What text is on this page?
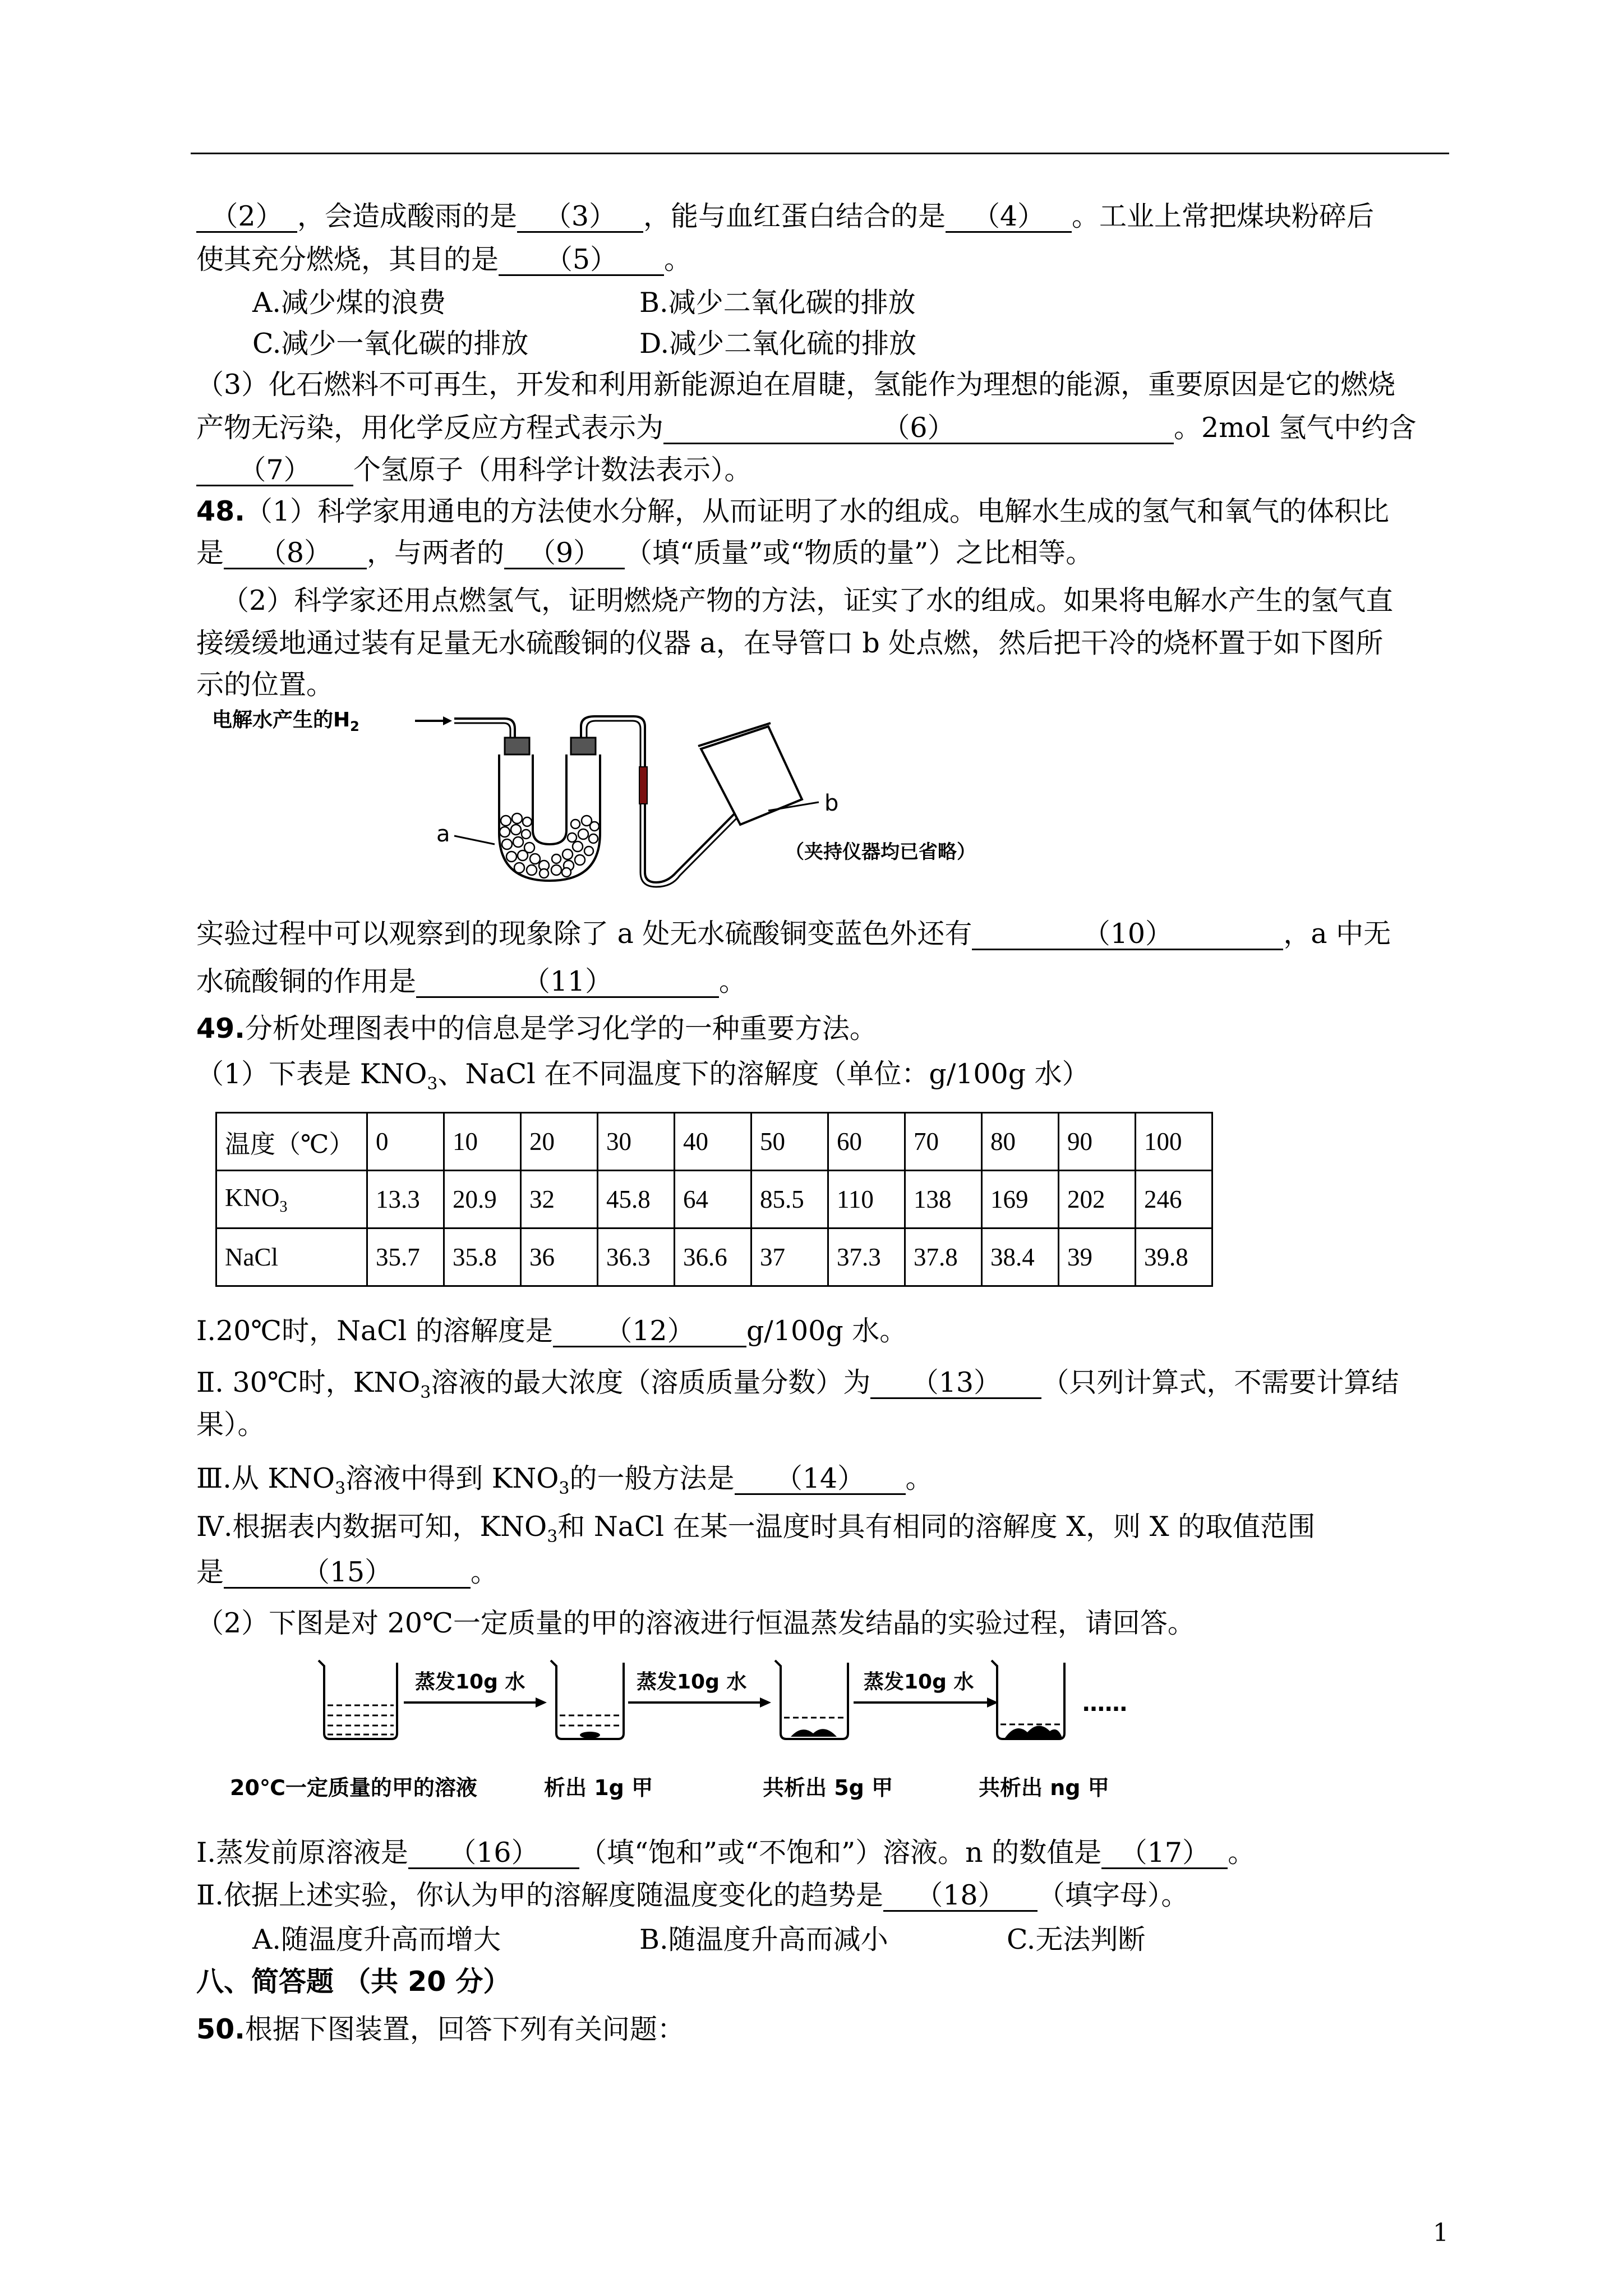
（2） ，会造成酸雨的是 （3） ，能与血红蛋白结合的是 （4） 。工业上常把煤块粉碎后
使其充分燃烧，其目的是 （5） 。
A.减少煤的浪费	B.减少二氧化碳的排放
C.减少一氧化碳的排放	D.减少二氧化硫的排放
（3）化石燃料不可再生，开发和利用新能源迫在眉睫，氢能作为理想的能源，重要原因是它的燃烧
产物无污染，用化学反应方程式表示为	（6）	。2mol 氢气中约含
（7） 个氢原子（用科学计数法表示）。
48.（1）科学家用通电的方法使水分解，从而证明了水的组成。电解水生成的氢气和氧气的体积比
是 （8） ，与两者的 （9） （填“质量”或“物质的量”）之比相等。
（2）科学家还用点燃氢气，证明燃烧产物的方法，证实了水的组成。如果将电解水产生的氢气直
接缓缓地通过装有足量无水硫酸铜的仪器 a，在导管口 b 处点燃，然后把干冷的烧杯置于如下图所
示的位置。
电解水产生的$H_2$
b
a
（夹持仪器均已省略）
实验过程中可以观察到的现象除了 a 处无水硫酸铜变蓝色外还有	（10）	，a 中无
水硫酸铜的作用是	（11）	。
49.分析处理图表中的信息是学习化学的一种重要方法。
（1）下表是 $KNO_3$、NaCl 在不同温度下的溶解度（单位：g/100g 水）
温度（℃）	0	10	20	30	40	50	60	70	80	90	100
$KNO_3$	13.3	20.9	32	45.8	64	85.5	110	138	169	202	246
NaCl	35.7	35.8	36	36.3	36.6	37	37.3	37.8	38.4	39	39.8
Ⅰ.20℃时，NaCl 的溶解度是 （12） g/100g 水。
Ⅱ. 30℃时，$KNO_3$溶液的最大浓度（溶质质量分数）为 （13） （只列计算式，不需要计算结
果）。
Ⅲ.从 $KNO_3$溶液中得到 $KNO_3$的一般方法是 （14） 。
Ⅳ.根据表内数据可知，$KNO_3$和 NaCl 在某一温度时具有相同的溶解度 X，则 X 的取值范围
是	（15）	。
（2）下图是对 20℃一定质量的甲的溶液进行恒温蒸发结晶的实验过程，请回答。
蒸发10g 水	蒸发10g 水	蒸发10g 水
……
20℃一定质量的甲的溶液	析出 1g 甲	共析出 5g 甲	共析出 ng 甲
Ⅰ.蒸发前原溶液是 （16） （填“饱和”或“不饱和”）溶液。n 的数值是 （17） 。
Ⅱ.依据上述实验，你认为甲的溶解度随温度变化的趋势是 （18） （填字母）。
A.随温度升高而增大	B.随温度升高而减小	C.无法判断
八、简答题 （共 20 分）
50.根据下图装置，回答下列有关问题：
1
